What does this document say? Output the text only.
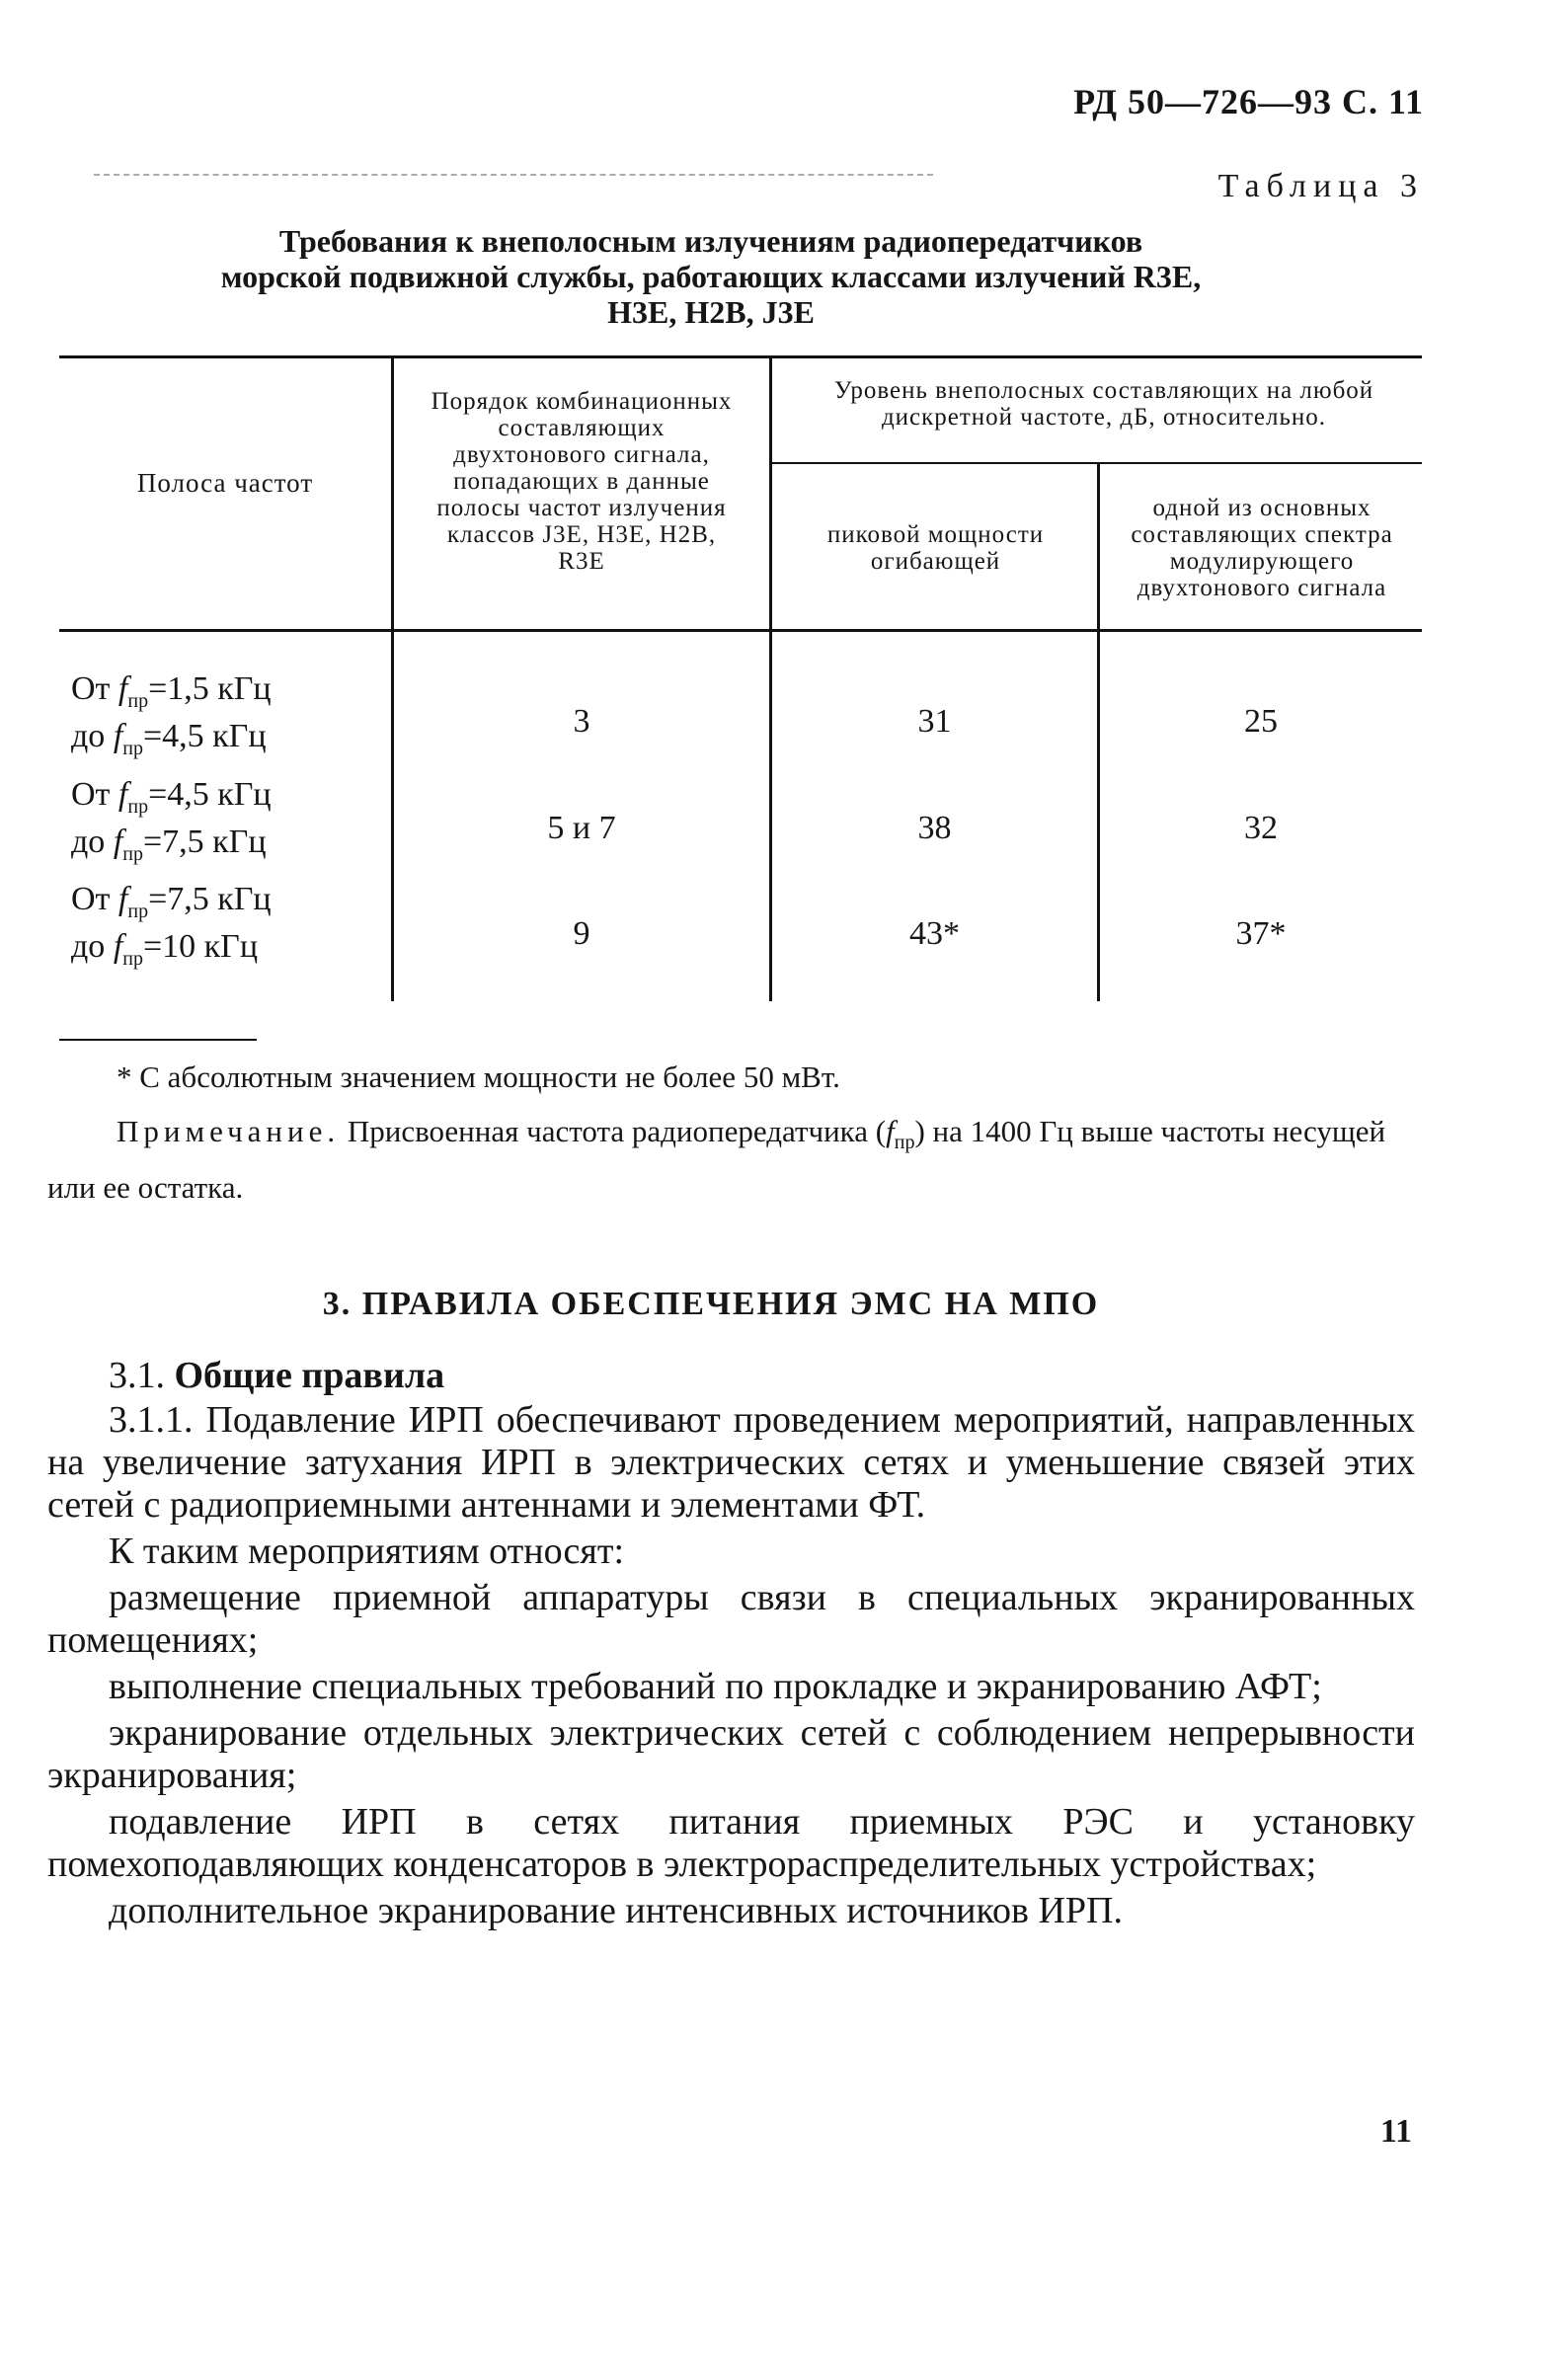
РД 50—726—93 С. 11
Таблица 3
Требования к внеполосным излучениям радиопередатчиков морской подвижной службы, работающих классами излучений R3E, H3E, H2B, J3E
Полоса частот
Порядок комбинационных составляющих двухтонового сигнала, попадающих в данные полосы частот излучения классов J3E, H3E, H2B, R3E
Уровень внеполосных составляющих на любой дискретной частоте, дБ, относительно.
пиковой мощности огибающей
одной из основных составляющих спектра модулирующего двухтонового сигнала
От $f_{пр}=1,5$ кГц
до $f_{пр}=4,5$ кГц	3	31	25
От $f_{пр}=4,5$ кГц
до $f_{пр}=7,5$ кГц	5 и 7	38	32
От $f_{пр}=7,5$ кГц
до $f_{пр}=10$ кГц	9	43*	37*
* С абсолютным значением мощности не более 50 мВт.
Примечание. Присвоенная частота радиопередатчика $(f_{пр})$ на 1400 Гц выше частоты несущей или ее остатка.
3. ПРАВИЛА ОБЕСПЕЧЕНИЯ ЭМС НА МПО

3.1. Общие правила

3.1.1. Подавление ИРП обеспечивают проведением мероприятий, направленных на увеличение затухания ИРП в электрических сетях и уменьшение связей этих сетей с радиоприемными антеннами и элементами ФТ.

К таким мероприятиям относят:

размещение приемной аппаратуры связи в специальных экранированных помещениях;

выполнение специальных требований по прокладке и экранированию АФТ;

экранирование отдельных электрических сетей с соблюдением непрерывности экранирования;

подавление ИРП в сетях питания приемных РЭС и установку помехоподавляющих конденсаторов в электрораспределительных устройствах;

дополнительное экранирование интенсивных источников ИРП.

11
